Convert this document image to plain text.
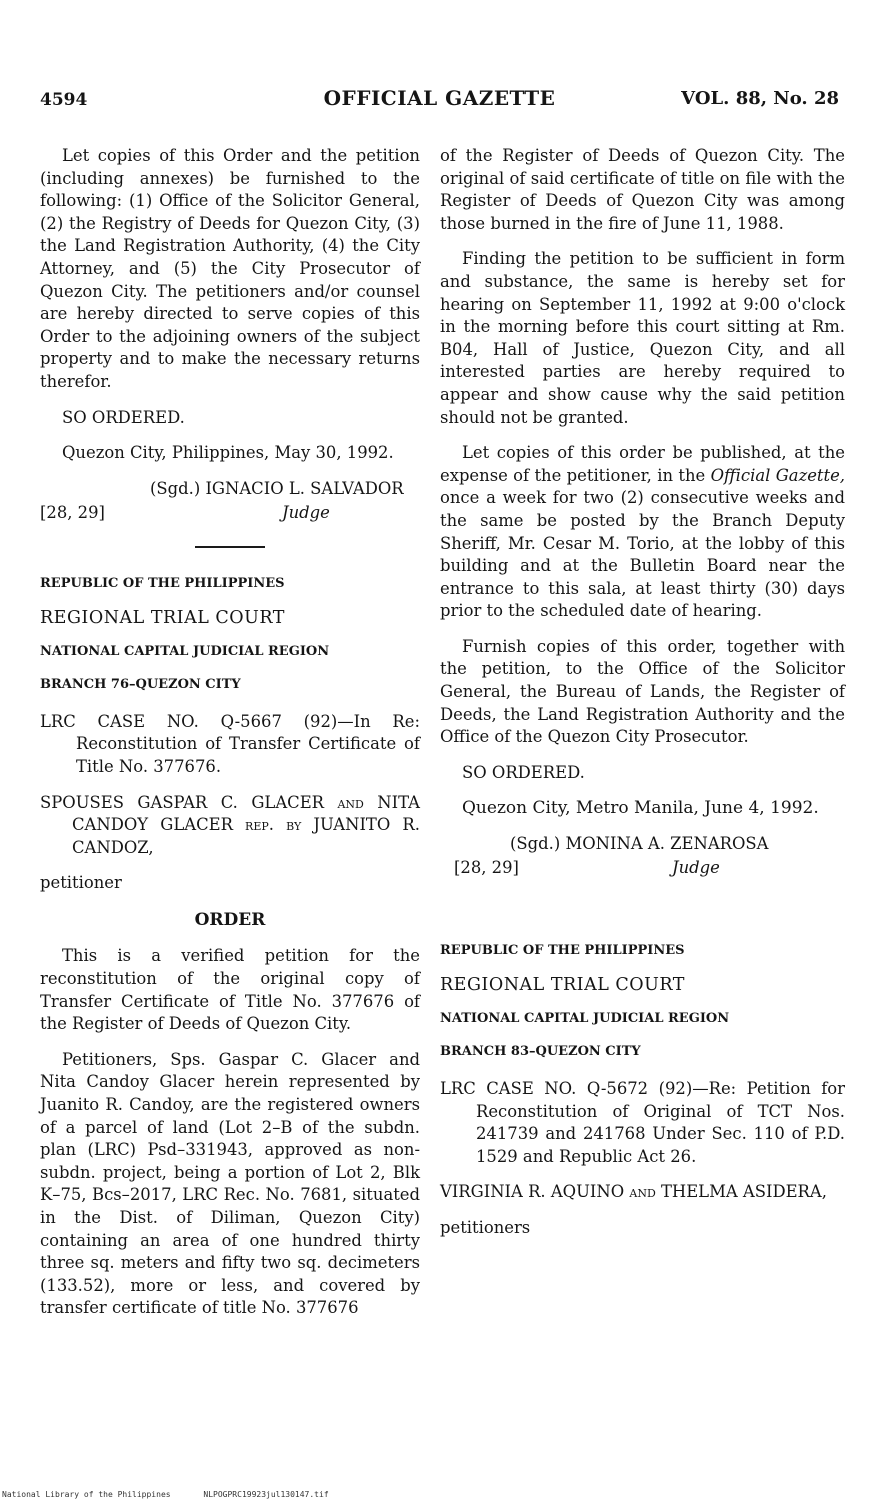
4594	OFFICIAL GAZETTE	VOL. 88, No. 28

Let copies of this Order and the petition (including annexes) be furnished to the following: (1) Office of the Solicitor General, (2) the Registry of Deeds for Quezon City, (3) the Land Registration Authority, (4) the City Attorney, and (5) the City Prosecutor of Quezon City. The petitioners and/or counsel are hereby directed to serve copies of this Order to the adjoining owners of the subject property and to make the necessary returns therefor.

SO ORDERED.

Quezon City, Philippines, May 30, 1992.

(Sgd.) IGNACIO L. SALVADOR
[28, 29]	Judge

REPUBLIC OF THE PHILIPPINES

REGIONAL TRIAL COURT

NATIONAL CAPITAL JUDICIAL REGION

BRANCH 76–QUEZON CITY

LRC CASE NO. Q-5667 (92)—In Re: Reconstitution of Transfer Certificate of Title No. 377676.

SPOUSES GASPAR C. GLACER and NITA CANDOY GLACER rep. by JUANITO R. CANDOZ,

petitioner

ORDER

This is a verified petition for the reconstitution of the original copy of Transfer Certificate of Title No. 377676 of the Register of Deeds of Quezon City.

Petitioners, Sps. Gaspar C. Glacer and Nita Candoy Glacer herein represented by Juanito R. Candoy, are the registered owners of a parcel of land (Lot 2–B of the subdn. plan (LRC) Psd–331943, approved as non-subdn. project, being a portion of Lot 2, Blk K–75, Bcs–2017, LRC Rec. No. 7681, situated in the Dist. of Diliman, Quezon City) containing an area of one hundred thirty three sq. meters and fifty two sq. decimeters (133.52), more or less, and covered by transfer certificate of title No. 377676

of the Register of Deeds of Quezon City. The original of said certificate of title on file with the Register of Deeds of Quezon City was among those burned in the fire of June 11, 1988.

Finding the petition to be sufficient in form and substance, the same is hereby set for hearing on September 11, 1992 at 9:00 o'clock in the morning before this court sitting at Rm. B04, Hall of Justice, Quezon City, and all interested parties are hereby required to appear and show cause why the said petition should not be granted.

Let copies of this order be published, at the expense of the petitioner, in the Official Gazette, once a week for two (2) consecutive weeks and the same be posted by the Branch Deputy Sheriff, Mr. Cesar M. Torio, at the lobby of this building and at the Bulletin Board near the entrance to this sala, at least thirty (30) days prior to the scheduled date of hearing.

Furnish copies of this order, together with the petition, to the Office of the Solicitor General, the Bureau of Lands, the Register of Deeds, the Land Registration Authority and the Office of the Quezon City Prosecutor.

SO ORDERED.

Quezon City, Metro Manila, June 4, 1992.

(Sgd.) MONINA A. ZENAROSA
[28, 29]	Judge

REPUBLIC OF THE PHILIPPINES

REGIONAL TRIAL COURT

NATIONAL CAPITAL JUDICIAL REGION

BRANCH 83–QUEZON CITY

LRC CASE NO. Q-5672 (92)—Re: Petition for Reconstitution of Original of TCT Nos. 241739 and 241768 Under Sec. 110 of P.D. 1529 and Republic Act 26.

VIRGINIA R. AQUINO and THELMA ASIDERA,

petitioners

National Library of the Philippines	NLPOGPRC19923jul130147.tif
